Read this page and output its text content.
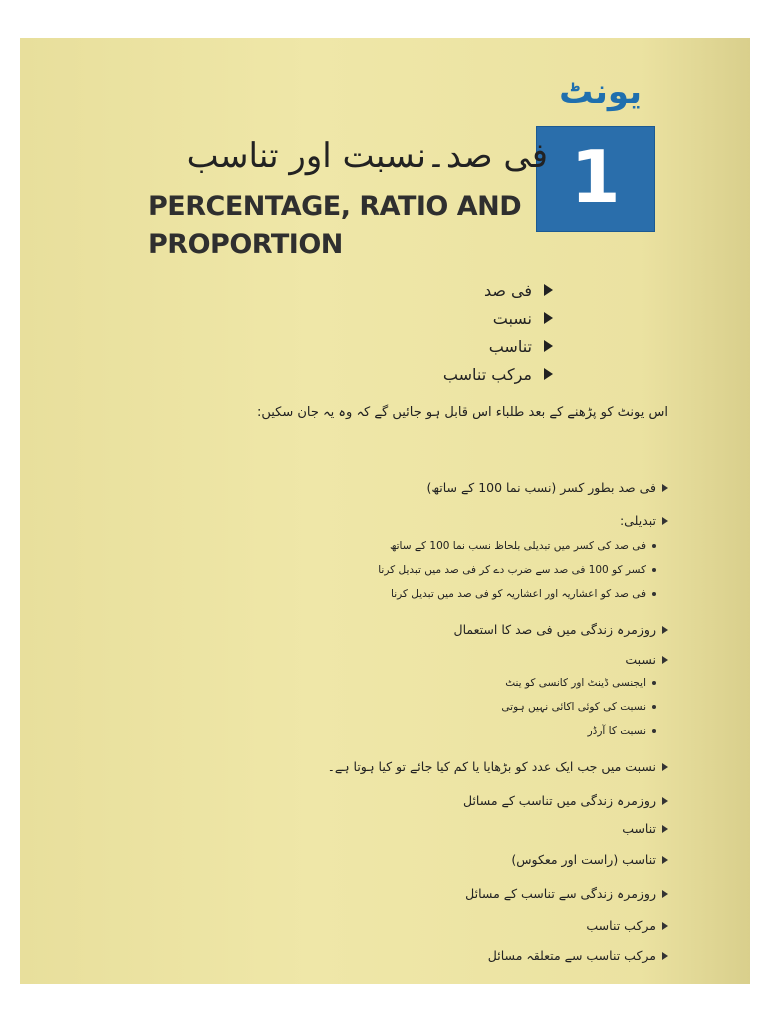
یونٹ
1
فی صد۔نسبت اور تناسب
PERCENTAGE, RATIO AND
PROPORTION
فی صد
نسبت
تناسب
مرکب تناسب
اس یونٹ کو پڑھنے کے بعد طلباء اس قابل ہو جائیں گے کہ وہ یہ جان سکیں:
فی صد بطور کسر (نسب نما 100 کے ساتھ)
تبدیلی:
فی صد کی کسر میں تبدیلی بلحاظ نسب نما 100 کے ساتھ
کسر کو 100 فی صد سے ضرب دے کر فی صد میں تبدیل کرنا
فی صد کو اعشاریہ اور اعشاریہ کو فی صد میں تبدیل کرنا
روزمرہ زندگی میں فی صد کا استعمال
نسبت
ایجنسی ڈینٹ اور کانسی کو ینٹ
نسبت کی کوئی اکائی نہیں ہوتی
نسبت کا آرڈر
نسبت میں جب ایک عدد کو بڑھایا یا کم کیا جائے تو کیا ہوتا ہے۔
روزمرہ زندگی میں تناسب کے مسائل
تناسب
تناسب (راست اور معکوس)
روزمرہ زندگی سے تناسب کے مسائل
مرکب تناسب
مرکب تناسب سے متعلقہ مسائل
